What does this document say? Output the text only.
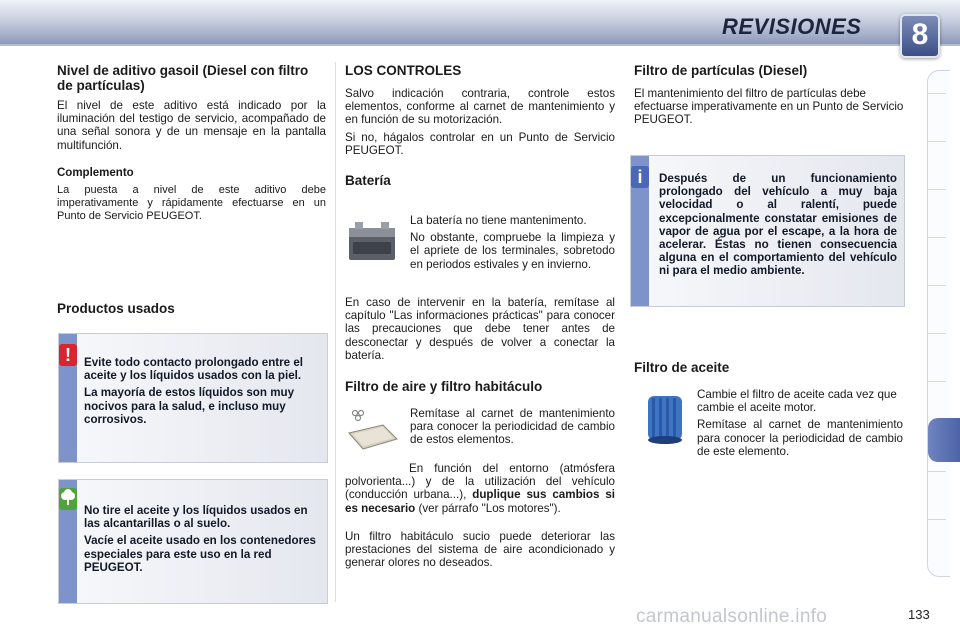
REVISIONES	8
Nivel de aditivo gasoil (Diesel con filtro de partículas)

El nivel de este aditivo está indicado por la iluminación del testigo de servicio, acompañado de una señal sonora y de un mensaje en la pantalla multifunción.

Complemento

La puesta a nivel de este aditivo debe imperativamente y rápidamente efectuarse en un Punto de Servicio PEUGEOT.

Productos usados
!	Evite todo contacto prolongado entre el aceite y los líquidos usados con la piel.

La mayoría de estos líquidos son muy nocivos para la salud, e incluso muy corrosivos.

No tire el aceite y los líquidos usados en las alcantarillas o al suelo.

Vacíe el aceite usado en los contenedores especiales para este uso en la red PEUGEOT.

LOS CONTROLES

Salvo indicación contraria, controle estos elementos, conforme al carnet de mantenimiento y en función de su motorización.

Si no, hágalos controlar en un Punto de Servicio PEUGEOT.

Batería

La batería no tiene mantenimento.

No obstante, compruebe la limpieza y el apriete de los terminales, sobretodo en periodos estivales y en invierno.

En caso de intervenir en la batería, remítase al capítulo "Las informaciones prácticas" para conocer las precauciones que debe tener antes de desconectar y después de volver a conectar la batería.

Filtro de aire y filtro habitáculo

Remítase al carnet de mantenimiento para conocer la periodicidad de cambio de estos elementos.

En función del entorno (atmósfera polvorienta...) y de la utilización del vehículo (conducción urbana...), duplique sus cambios si es necesario (ver párrafo "Los motores").

Un filtro habitáculo sucio puede deteriorar las prestaciones del sistema de aire acondicionado y generar olores no deseados.

Filtro de partículas (Diesel)

El mantenimiento del filtro de partículas debe efectuarse imperativamente en un Punto de Servicio PEUGEOT.

i	Después de un funcionamiento prolongado del vehículo a muy baja velocidad o al ralentí, puede excepcionalmente constatar emisiones de vapor de agua por el escape, a la hora de acelerar. Éstas no tienen consecuencia alguna en el comportamiento del vehículo ni para el medio ambiente.

Filtro de aceite

Cambie el filtro de aceite cada vez que cambie el aceite motor.

Remítase al carnet de mantenimiento para conocer la periodicidad de cambio de este elemento.

carmanualsonline.info	133
